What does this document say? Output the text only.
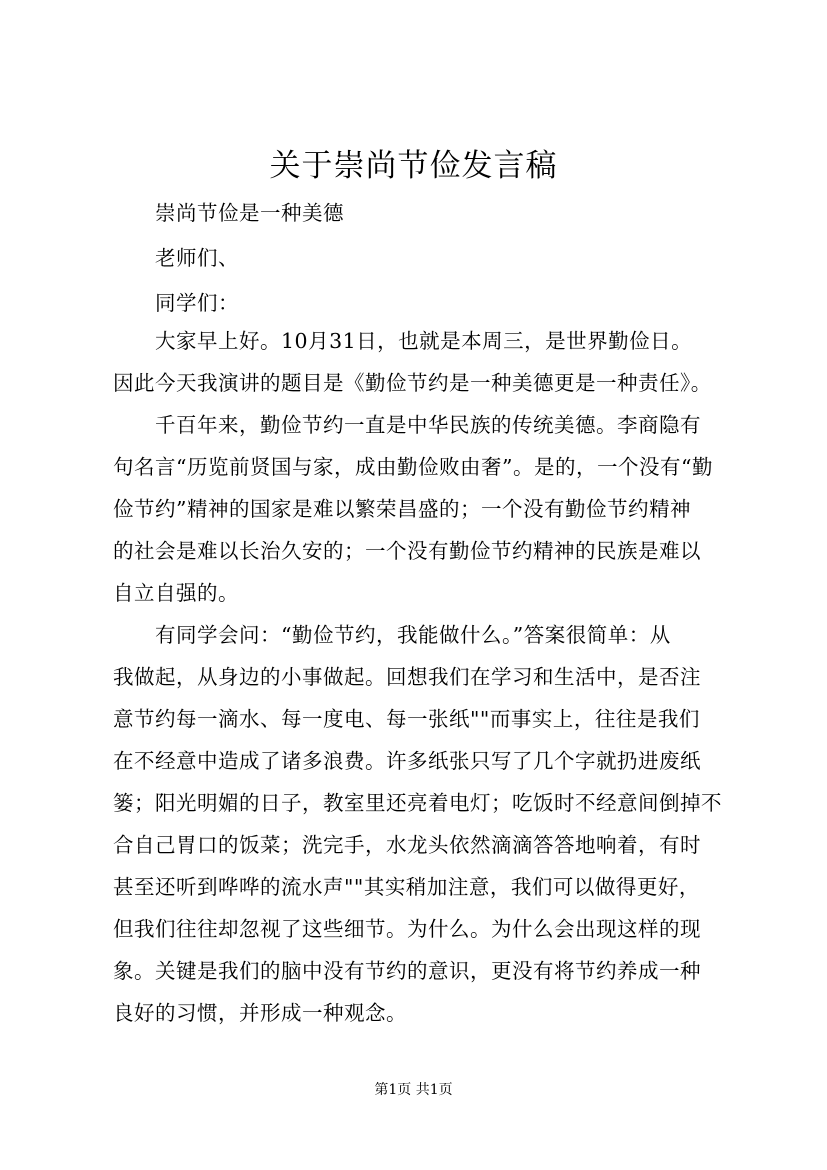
关于崇尚节俭发言稿
崇尚节俭是一种美德
老师们、
同学们：
大家早上好。10月31日，也就是本周三，是世界勤俭日。
因此今天我演讲的题目是《勤俭节约是一种美德更是一种责任》。
千百年来，勤俭节约一直是中华民族的传统美德。李商隐有
句名言“历览前贤国与家，成由勤俭败由奢”。是的，一个没有“勤
俭节约”精神的国家是难以繁荣昌盛的；一个没有勤俭节约精神
的社会是难以长治久安的；一个没有勤俭节约精神的民族是难以
自立自强的。
有同学会问：“勤俭节约，我能做什么。”答案很简单：从
我做起，从身边的小事做起。回想我们在学习和生活中，是否注
意节约每一滴水、每一度电、每一张纸""而事实上，往往是我们
在不经意中造成了诸多浪费。许多纸张只写了几个字就扔进废纸
篓；阳光明媚的日子，教室里还亮着电灯；吃饭时不经意间倒掉不
合自己胃口的饭菜；洗完手，水龙头依然滴滴答答地响着，有时
甚至还听到哗哗的流水声""其实稍加注意，我们可以做得更好，
但我们往往却忽视了这些细节。为什么。为什么会出现这样的现
象。关键是我们的脑中没有节约的意识，更没有将节约养成一种
良好的习惯，并形成一种观念。
第1页 共1页
